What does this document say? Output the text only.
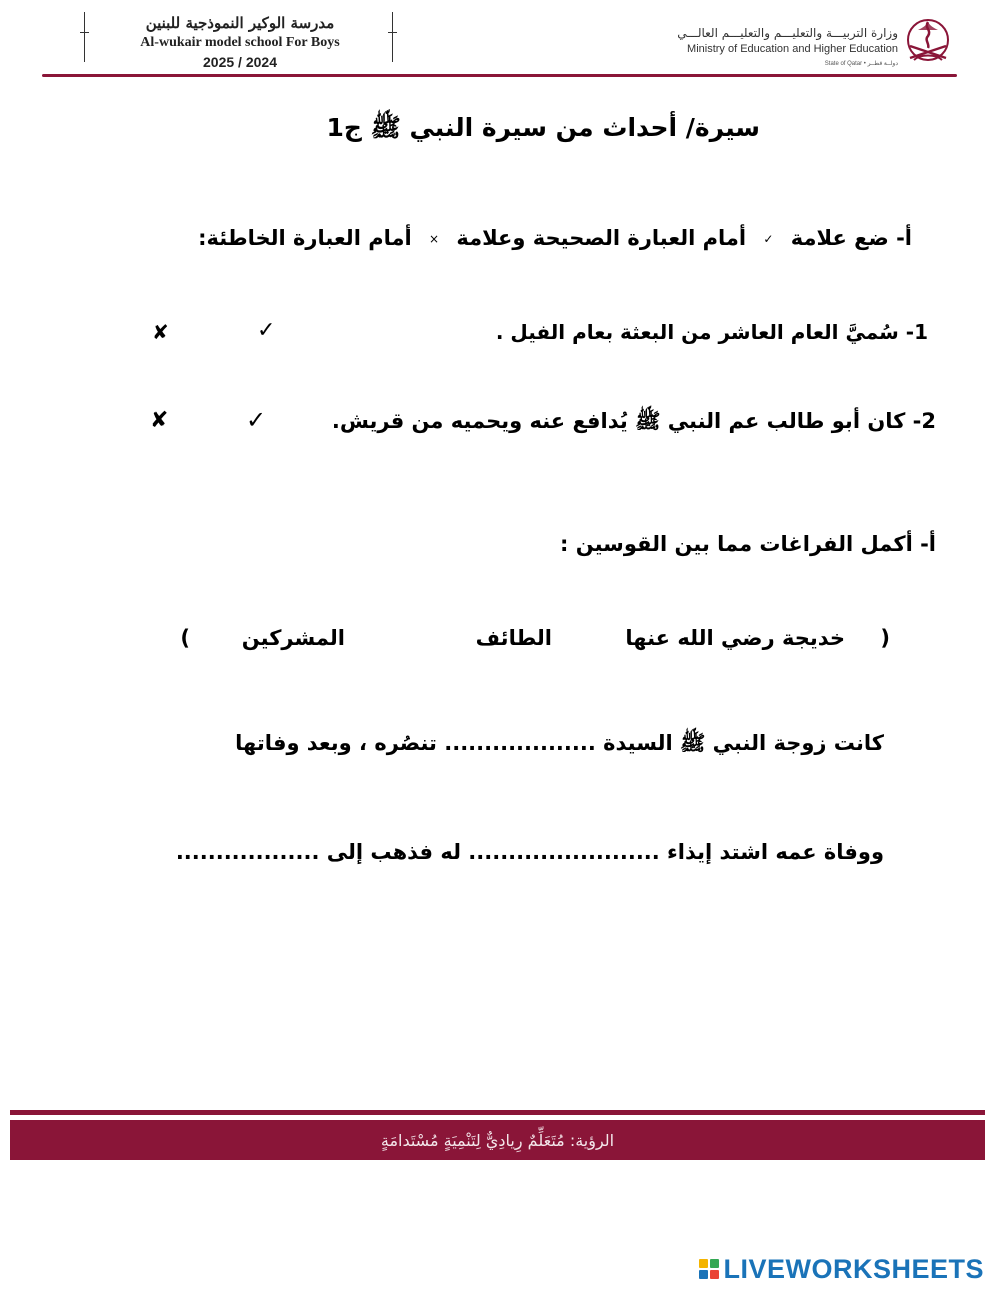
مدرسة الوكير النموذجية للبنين
Al-wukair model school For Boys
2025 / 2024
وزارة التربيـــة والتعليـــم والتعليـــم العالـــي
Ministry of Education and Higher Education
State of Qatar • دولــة قطــر
سيرة/ أحداث من سيرة النبي ﷺ ج1
أ- ضع علامة ✓ أمام العبارة الصحيحة وعلامة × أمام العبارة الخاطئة:
1- سُميَّ العام العاشر من البعثة بعام الفيل .
✓
✘
2- كان أبو طالب عم النبي ﷺ يُدافع عنه ويحميه من قريش.
✓
✘
أ- أكمل الفراغات مما بين القوسين :
(
خديجة رضي الله عنها
الطائف
المشركين
)
كانت زوجة النبي ﷺ السيدة ................... تنصُره ، وبعد وفاتها
ووفاة عمه اشتد إيذاء ........................ له فذهب إلى ..................
الرؤية: مُتَعَلِّمٌ رِيادِيٌّ لِتَنْمِيَةٍ مُسْتَدامَةٍ
LIVEWORKSHEETS
